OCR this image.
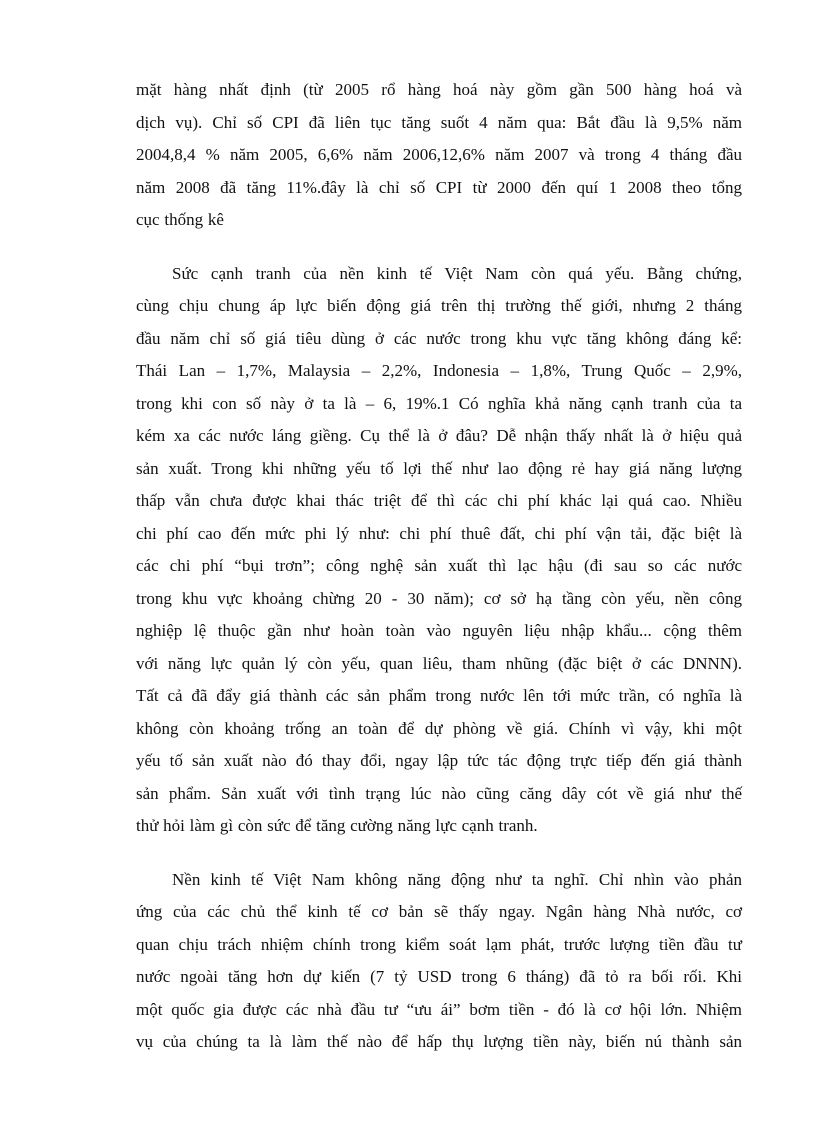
mặt hàng nhất định (từ 2005 rổ hàng hoá này gồm gần 500 hàng hoá và
dịch vụ). Chỉ số CPI đã liên tục tăng suốt 4 năm qua: Bắt đầu là 9,5% năm
2004,8,4 % năm 2005, 6,6% năm 2006,12,6% năm 2007 và trong 4 tháng đầu
năm 2008 đã tăng 11%.đây là chỉ số CPI từ 2000 đến quí 1 2008 theo tổng
cục thống kê

Sức cạnh tranh của nền kinh tế Việt Nam còn quá yếu. Bằng chứng,
cùng chịu chung áp lực biến động giá trên thị trường thế giới, nhưng 2 tháng
đầu năm chỉ số giá tiêu dùng ở các nước trong khu vực tăng không đáng kể:
Thái Lan – 1,7%, Malaysia – 2,2%, Indonesia – 1,8%, Trung Quốc – 2,9%,
trong khi con số này ở ta là – 6, 19%.1 Có nghĩa khả năng cạnh tranh của ta
kém xa các nước láng giềng. Cụ thể là ở đâu? Dễ nhận thấy nhất là ở hiệu quả
sản xuất. Trong khi những yếu tố lợi thế như lao động rẻ hay giá năng lượng
thấp vẫn chưa được khai thác triệt để thì các chi phí khác lại quá cao. Nhiều
chi phí cao đến mức phi lý như: chi phí thuê đất, chi phí vận tải, đặc biệt là
các chi phí “bụi trơn”; công nghệ sản xuất thì lạc hậu (đi sau so các nước
trong khu vực khoảng chừng 20 - 30 năm); cơ sở hạ tầng còn yếu, nền công
nghiệp lệ thuộc gần như hoàn toàn vào nguyên liệu nhập khẩu... cộng thêm
với năng lực quản lý còn yếu, quan liêu, tham nhũng (đặc biệt ở các DNNN).
Tất cả đã đẩy giá thành các sản phẩm trong nước lên tới mức trần, có nghĩa là
không còn khoảng trống an toàn để dự phòng về giá. Chính vì vậy, khi một
yếu tố sản xuất nào đó thay đổi, ngay lập tức tác động trực tiếp đến giá thành
sản phẩm. Sản xuất với tình trạng lúc nào cũng căng dây cót về giá như thế
thử hỏi làm gì còn sức để tăng cường năng lực cạnh tranh.

Nền kinh tế Việt Nam không năng động như ta nghĩ. Chỉ nhìn vào phản
ứng của các chủ thể kinh tế cơ bản sẽ thấy ngay. Ngân hàng Nhà nước, cơ
quan chịu trách nhiệm chính trong kiểm soát lạm phát, trước lượng tiền đầu tư
nước ngoài tăng hơn dự kiến (7 tỷ USD trong 6 tháng) đã tỏ ra bối rối. Khi
một quốc gia được các nhà đầu tư “ưu ái” bơm tiền - đó là cơ hội lớn. Nhiệm
vụ của chúng ta là làm thế nào để hấp thụ lượng tiền này, biến nú thành sản
